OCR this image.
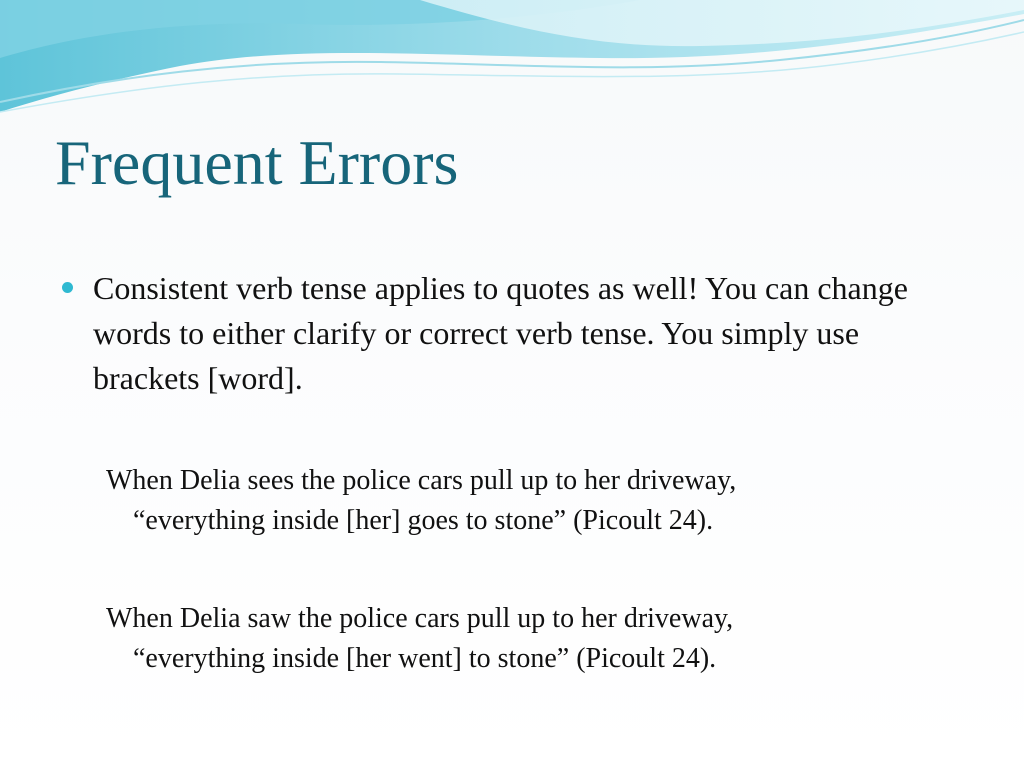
Frequent Errors
Consistent verb tense applies to quotes as well! You can change words to either clarify or correct verb tense. You simply use brackets [word].
When Delia sees the police cars pull up to her driveway,
“everything inside [her] goes to stone” (Picoult 24).
When Delia saw the police cars pull up to her driveway,
“everything inside [her went] to stone” (Picoult 24).
